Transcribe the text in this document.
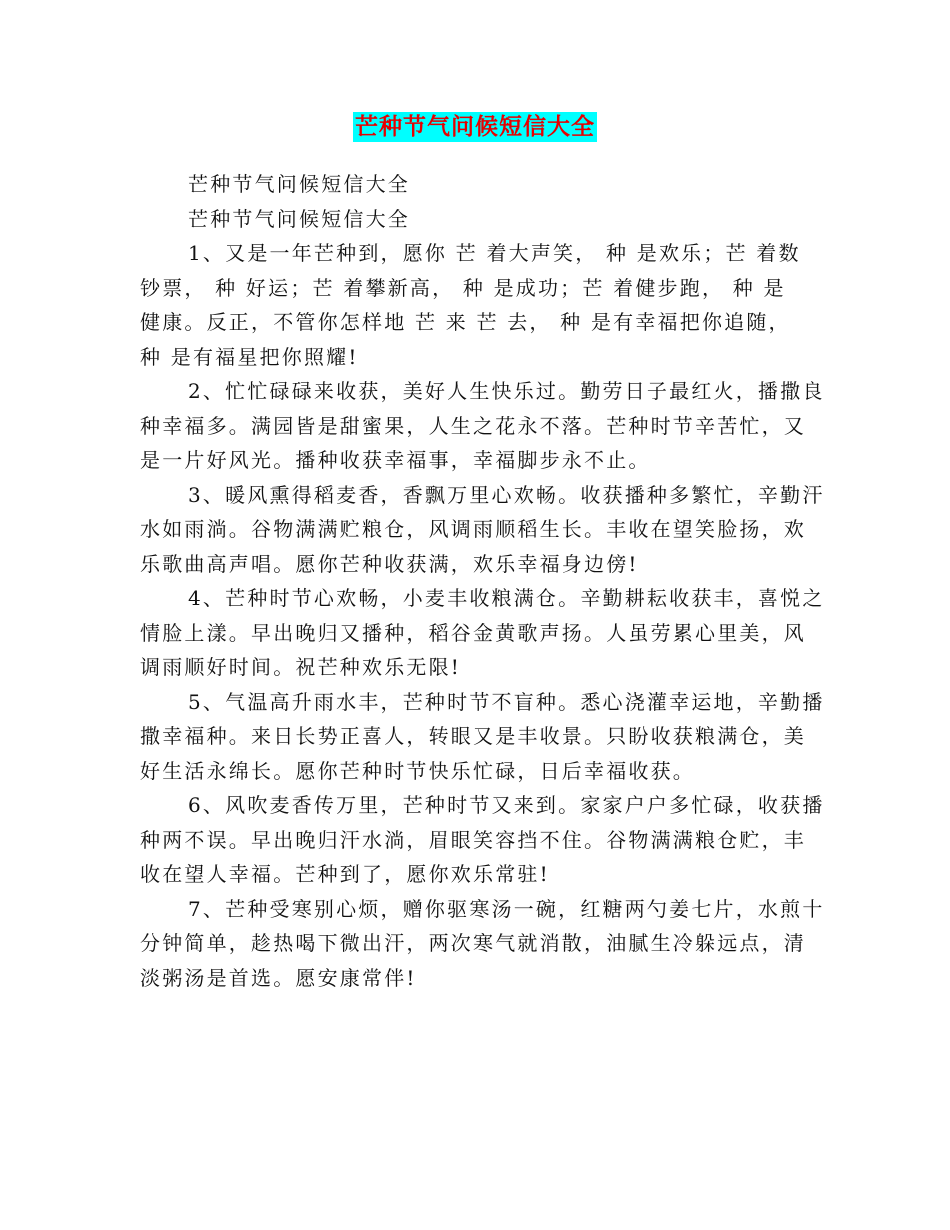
芒种节气问候短信大全

芒种节气问候短信大全

芒种节气问候短信大全

1、又是一年芒种到，愿你 芒 着大声笑， 种 是欢乐；芒 着数
钞票， 种 好运；芒 着攀新高， 种 是成功；芒 着健步跑， 种 是
健康。反正，不管你怎样地 芒 来 芒 去， 种 是有幸福把你追随，
种 是有福星把你照耀!

2、忙忙碌碌来收获，美好人生快乐过。勤劳日子最红火，播撒良
种幸福多。满园皆是甜蜜果，人生之花永不落。芒种时节辛苦忙，又
是一片好风光。播种收获幸福事，幸福脚步永不止。

3、暖风熏得稻麦香，香飘万里心欢畅。收获播种多繁忙，辛勤汗
水如雨淌。谷物满满贮粮仓，风调雨顺稻生长。丰收在望笑脸扬，欢
乐歌曲高声唱。愿你芒种收获满，欢乐幸福身边傍!

4、芒种时节心欢畅，小麦丰收粮满仓。辛勤耕耘收获丰，喜悦之
情脸上漾。早出晚归又播种，稻谷金黄歌声扬。人虽劳累心里美，风
调雨顺好时间。祝芒种欢乐无限!

5、气温高升雨水丰，芒种时节不盲种。悉心浇灌幸运地，辛勤播
撒幸福种。来日长势正喜人，转眼又是丰收景。只盼收获粮满仓，美
好生活永绵长。愿你芒种时节快乐忙碌，日后幸福收获。

6、风吹麦香传万里，芒种时节又来到。家家户户多忙碌，收获播
种两不误。早出晚归汗水淌，眉眼笑容挡不住。谷物满满粮仓贮，丰
收在望人幸福。芒种到了，愿你欢乐常驻!

7、芒种受寒别心烦，赠你驱寒汤一碗，红糖两勺姜七片，水煎十
分钟简单，趁热喝下微出汗，两次寒气就消散，油腻生冷躲远点，清
淡粥汤是首选。愿安康常伴!
